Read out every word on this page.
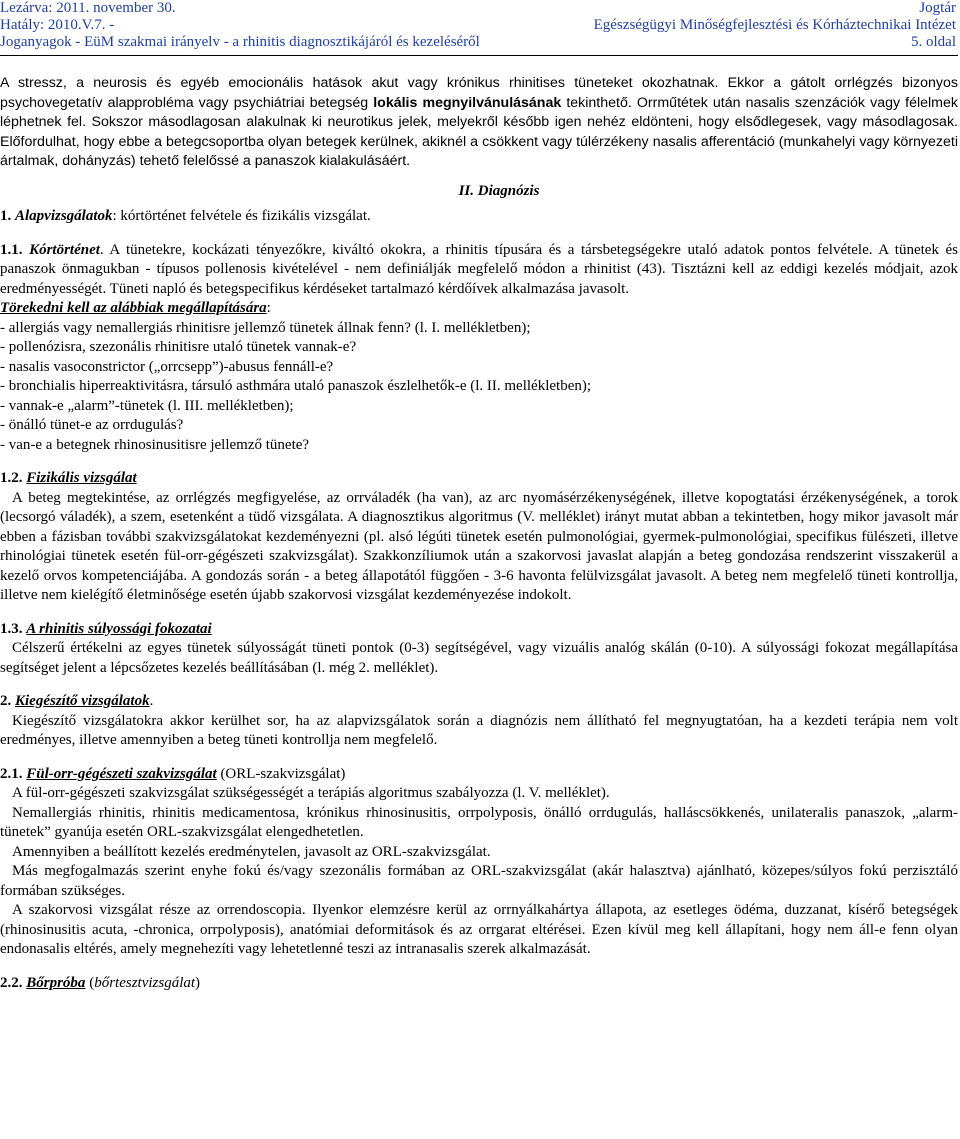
Lezárva: 2011. november 30.	Jogtár
Hatály: 2010.V.7. -	Egészségügyi Minőségfejlesztési és Kórháztechnikai Intézet
Joganyagok - EüM szakmai irányelv - a rhinitis diagnosztikájáról és kezeléséről	5. oldal

A stressz, a neurosis és egyéb emocionális hatások akut vagy krónikus rhinitises tüneteket okozhatnak. Ekkor a gátolt orrlégzés bizonyos psychovegetatív alapprobléma vagy psychiátriai betegség lokális megnyilvánulásának tekinthető. Orrműtétek után nasalis szenzációk vagy félelmek léphetnek fel. Sokszor másodlagosan alakulnak ki neurotikus jelek, melyekről később igen nehéz eldönteni, hogy elsődlegesek, vagy másodlagosak. Előfordulhat, hogy ebbe a betegcsoportba olyan betegek kerülnek, akiknél a csökkent vagy túlérzékeny nasalis afferentáció (munkahelyi vagy környezeti ártalmak, dohányzás) tehető felelőssé a panaszok kialakulásáért.

II. Diagnózis

1. Alapvizsgálatok: kórtörténet felvétele és fizikális vizsgálat.

1.1. Kórtörténet. A tünetekre, kockázati tényezőkre, kiváltó okokra, a rhinitis típusára és a társbetegségekre utaló adatok pontos felvétele. A tünetek és panaszok önmagukban - típusos pollenosis kivételével - nem definiálják megfelelő módon a rhinitist (43). Tisztázni kell az eddigi kezelés módjait, azok eredményességét. Tüneti napló és betegspecifikus kérdéseket tartalmazó kérdőívek alkalmazása javasolt.

Törekedni kell az alábbiak megállapítására:

- allergiás vagy nemallergiás rhinitisre jellemző tünetek állnak fenn? (l. I. mellékletben);
- pollenózisra, szezonális rhinitisre utaló tünetek vannak-e?
- nasalis vasoconstrictor („orrcsepp”)-abusus fennáll-e?
- bronchialis hiperreaktivitásra, társuló asthmára utaló panaszok észlelhetők-e (l. II. mellékletben);
- vannak-e „alarm”-tünetek (l. III. mellékletben);
- önálló tünet-e az orrdugulás?
- van-e a betegnek rhinosinusitisre jellemző tünete?

1.2. Fizikális vizsgálat

A beteg megtekintése, az orrlégzés megfigyelése, az orrváladék (ha van), az arc nyomásérzékenységének, illetve kopogtatási érzékenységének, a torok (lecsorgó váladék), a szem, esetenként a tüdő vizsgálata. A diagnosztikus algoritmus (V. melléklet) irányt mutat abban a tekintetben, hogy mikor javasolt már ebben a fázisban további szakvizsgálatokat kezdeményezni (pl. alsó légúti tünetek esetén pulmonológiai, gyermek-pulmonológiai, specifikus fülészeti, illetve rhinológiai tünetek esetén fül-orr-gégészeti szakvizsgálat). Szakkonzíliumok után a szakorvosi javaslat alapján a beteg gondozása rendszerint visszakerül a kezelő orvos kompetenciájába. A gondozás során - a beteg állapotától függően - 3-6 havonta felülvizsgálat javasolt. A beteg nem megfelelő tüneti kontrollja, illetve nem kielégítő életminősége esetén újabb szakorvosi vizsgálat kezdeményezése indokolt.

1.3. A rhinitis súlyossági fokozatai

Célszerű értékelni az egyes tünetek súlyosságát tüneti pontok (0-3) segítségével, vagy vizuális analóg skálán (0-10). A súlyossági fokozat megállapítása segítséget jelent a lépcsőzetes kezelés beállításában (l. még 2. melléklet).

2. Kiegészítő vizsgálatok.

Kiegészítő vizsgálatokra akkor kerülhet sor, ha az alapvizsgálatok során a diagnózis nem állítható fel megnyugtatóan, ha a kezdeti terápia nem volt eredményes, illetve amennyiben a beteg tüneti kontrollja nem megfelelő.

2.1. Fül-orr-gégészeti szakvizsgálat (ORL-szakvizsgálat)

A fül-orr-gégészeti szakvizsgálat szükségességét a terápiás algoritmus szabályozza (l. V. melléklet).

Nemallergiás rhinitis, rhinitis medicamentosa, krónikus rhinosinusitis, orrpolyposis, önálló orrdugulás, halláscsökkenés, unilateralis panaszok, „alarm-tünetek” gyanúja esetén ORL-szakvizsgálat elengedhetetlen.

Amennyiben a beállított kezelés eredménytelen, javasolt az ORL-szakvizsgálat.

Más megfogalmazás szerint enyhe fokú és/vagy szezonális formában az ORL-szakvizsgálat (akár halasztva) ajánlható, közepes/súlyos fokú perzisztáló formában szükséges.

A szakorvosi vizsgálat része az orrendoscopia. Ilyenkor elemzésre kerül az orrnyálkahártya állapota, az esetleges ödéma, duzzanat, kísérő betegségek (rhinosinusitis acuta, -chronica, orrpolyposis), anatómiai deformitások és az orrgarat eltérései. Ezen kívül meg kell állapítani, hogy nem áll-e fenn olyan endonasalis eltérés, amely megnehezíti vagy lehetetlenné teszi az intranasalis szerek alkalmazását.

2.2. Bőrpróba (bőrtesztvizsgálat)
